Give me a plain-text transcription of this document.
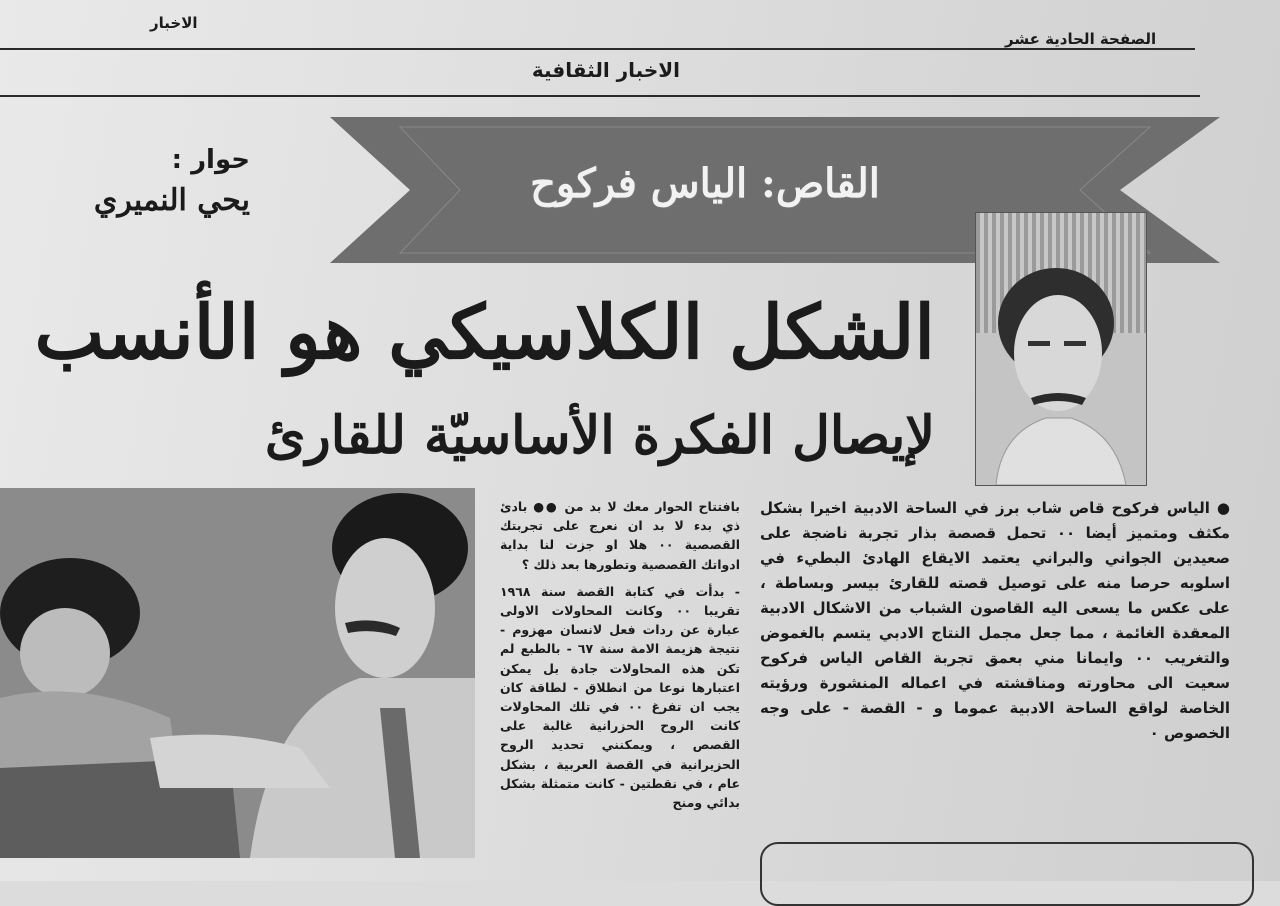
الاخبار
الصفحة الحادية عشر
الاخبار الثقافية
القاص: الياس فركوح
حوار :
يحي النميري
الشكل الكلاسيكي هو الأنسب
لإيصال الفكرة الأساسيّة للقارئ

بافتتاح الحوار معك لا بد من ●● بادئ ذي بدء لا بد ان نعرج على تجربتك القصصية ٠٠ هلا او جزت لنا بداية ادواتك القصصية وتطورها بعد ذلك ؟

- بدأت في كتابة القصة سنة ١٩٦٨ تقريبا ٠٠ وكانت المحاولات الاولى عبارة عن ردات فعل لانسان مهزوم - نتيجة هزيمة الامة سنة ٦٧ - بالطبع لم تكن هذه المحاولات جادة بل يمكن اعتبارها نوعا من انطلاق - لطاقة كان يجب ان تفرغ ٠٠ في تلك المحاولات كانت الروح الحزرانية غالبة على القصص ، ويمكنني تحديد الروح الحزيرانية في القصة العربية ، بشكل عام ، في نقطتين - كانت متمثلة بشكل بدائي ومنح

● الياس فركوح قاص شاب برز في الساحة الادبية اخيرا بشكل مكثف ومتميز أيضا ٠٠ تحمل قصصة بذار تجربة ناضجة على صعيدين الجواني والبراني يعتمد الايقاع الهادئ البطيء في اسلوبه حرصا منه على توصيل قصته للقارئ بيسر وبساطة ، على عكس ما يسعى اليه القاصون الشباب من الاشكال الادبية المعقدة الغائمة ، مما جعل مجمل النتاج الادبي يتسم بالغموض والتغريب ٠٠ وايمانا مني بعمق تجربة القاص الياس فركوح سعيت الى محاورته ومناقشته في اعماله المنشورة ورؤيته الخاصة لواقع الساحة الادبية عموما و - القصة - على وجه الخصوص ٠
